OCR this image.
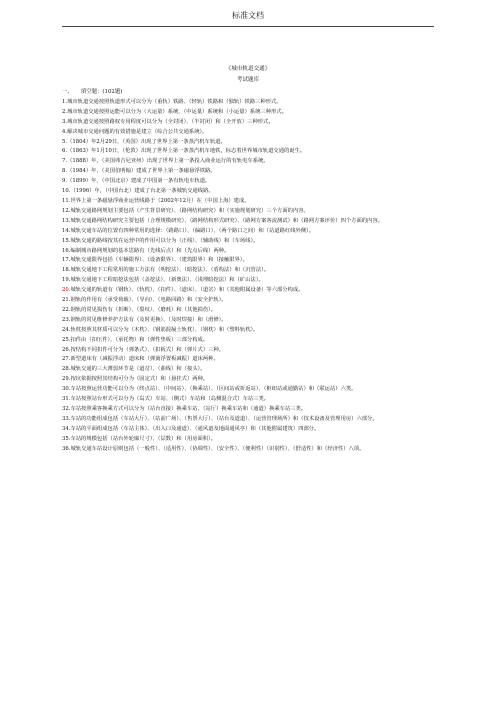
标准文档
《城市轨道交通》
考试题库

一、　　填空题：(102题)

1.城市轨道交通按照轨道形式可以分为（重轨）铁路、（轻轨）铁路和（独轨）铁路三种形式。

2.城市轨道交通按照运能可以分为（大运量）系统、（中运量）系统和（小运量）系统三种形式。

3.城市轨道交通按照路权专用程度可以分为（全封闭）、（半封闭）和（全开放）三种形式。

4.解决城市交通问题的有效措施是建立（综合公共交通系统）。

5.（1804）年2月29日，（英国）出现了世界上第一条蒸汽机车轨道。

6.（1863）年1月10日，（伦敦）出现了世界上第一条蒸汽机车地铁，标志着世界城市轨道交通的诞生。

7.（1888）年，（美国弗吉尼亚州）出现了世界上第一条投入商业运行的有轨电车系统。

8.（1984）年，（美国伯明翰）建成了世界上第一条磁悬浮铁路。

9.（1899）年，（中国北京）建成了中国第一条有轨电车轨道。

10.（1996）年，（中国台北）建成了台北第一条城轨交通线路。

11.世界上第一条磁悬浮商业运营线路于（2002年12月）在（中国上海）建成。

12.城轨交通路网规划主要包括（产生背景研究）、（路网结构研究）和（实施规划研究）三个方面的内容。

13.城轨交通路网结构研究主要包括（合理规模研究）、（路网结构形式研究）、（路网方案客流测试）和（路网方案评价）四个方面的内容。

14.城轨交通车站的位置有四种常用的选择：（路路口）、（偏路口）、（两个路口之间）和（站道路红线外侧）。

15.城轨交通的路线按其在运营中的作用可以分为（正线）、（辅助线）和（车场线）。

16.编制城市路网规划的基本思路有（先线后点）和（先点后线）两种。

17.城轨交通限界包括（车辆限界）、（设备限界）、（建筑限界）和（接触限界）。

18.城轨交通地下工程常用的施工方法有（明挖法）、（暗挖法）、（盾构法）和（沉管法）。

19.城轨交通地下工程暗挖法包括（盖挖法）、（新奥法）、（浅埋暗挖法）和（矿山法）。

20.城轨交通的轨道有（钢轨）、（轨枕）、（扣件）、（道床）、（道岔）和（其他附属设备）等六部分构成。

21.钢轨的作用有（承受荷载）、（导向）、（电路回路）和（安全护轨）。

22.钢轨的常见损伤有（折断）、（裂纹）、（磨耗）和（其他损伤）。

23.钢轨的常见维修养护方法有（及时更换）、（及时焊接）和（滑修）。

24.轨枕按照其材质可以分为（木枕）、（钢筋混凝土轨枕）、（钢枕）和（塑料轨枕）。

25.扣件由（扣压件）、（承托物）和（弹性垫板）三部分构成。

26.按结构不同扣件可分为（弹条式）、（扣板式）和（弹片式）三种。

27.新型道床有（减振浮动）道床和（弹簧浮置板减振）道床两种。

28.城轨交通的三大薄弱环节是（道岔）、（曲线）和（接头）。

29.按坑依据按照其结构可分为（固定式）和（悬挂式）两种。

30.车站按照运营功能可以分为（终点站）、（中间站）、（换乘站）、（区间站或折返站）、（枢纽站或通勤站）和（联运站）六类。

31.车站按照站台形式可以分为（岛式）车站、（侧式）车站和（岛侧混合式）车站三类。

32.车站按照乘客换乘方式可以分为（站台直接）换乘车站、（站厅）换乘车站和（通道）换乘车站三类。

33.车站的功能组成包括（车站大厅）、（站前广场）、（售票大厅）、（站台及道道）、（运营管理场所）和（技术设备及管理用房）六部分。

34.车站的平面组成包括（车站主体）、（出入口及通道）、（通风道及地面通风亭）和（其他附属建筑）四部分。

35.车站的规模包括（站台外轮廓尺寸）、（层数）和（用房面积）。

36.城轨交通车站设计原则包括（一般性）、（适用性）、（协调性）、（安全性）、（便利性）（识别性）、（舒适性）和（经济性）八项。
